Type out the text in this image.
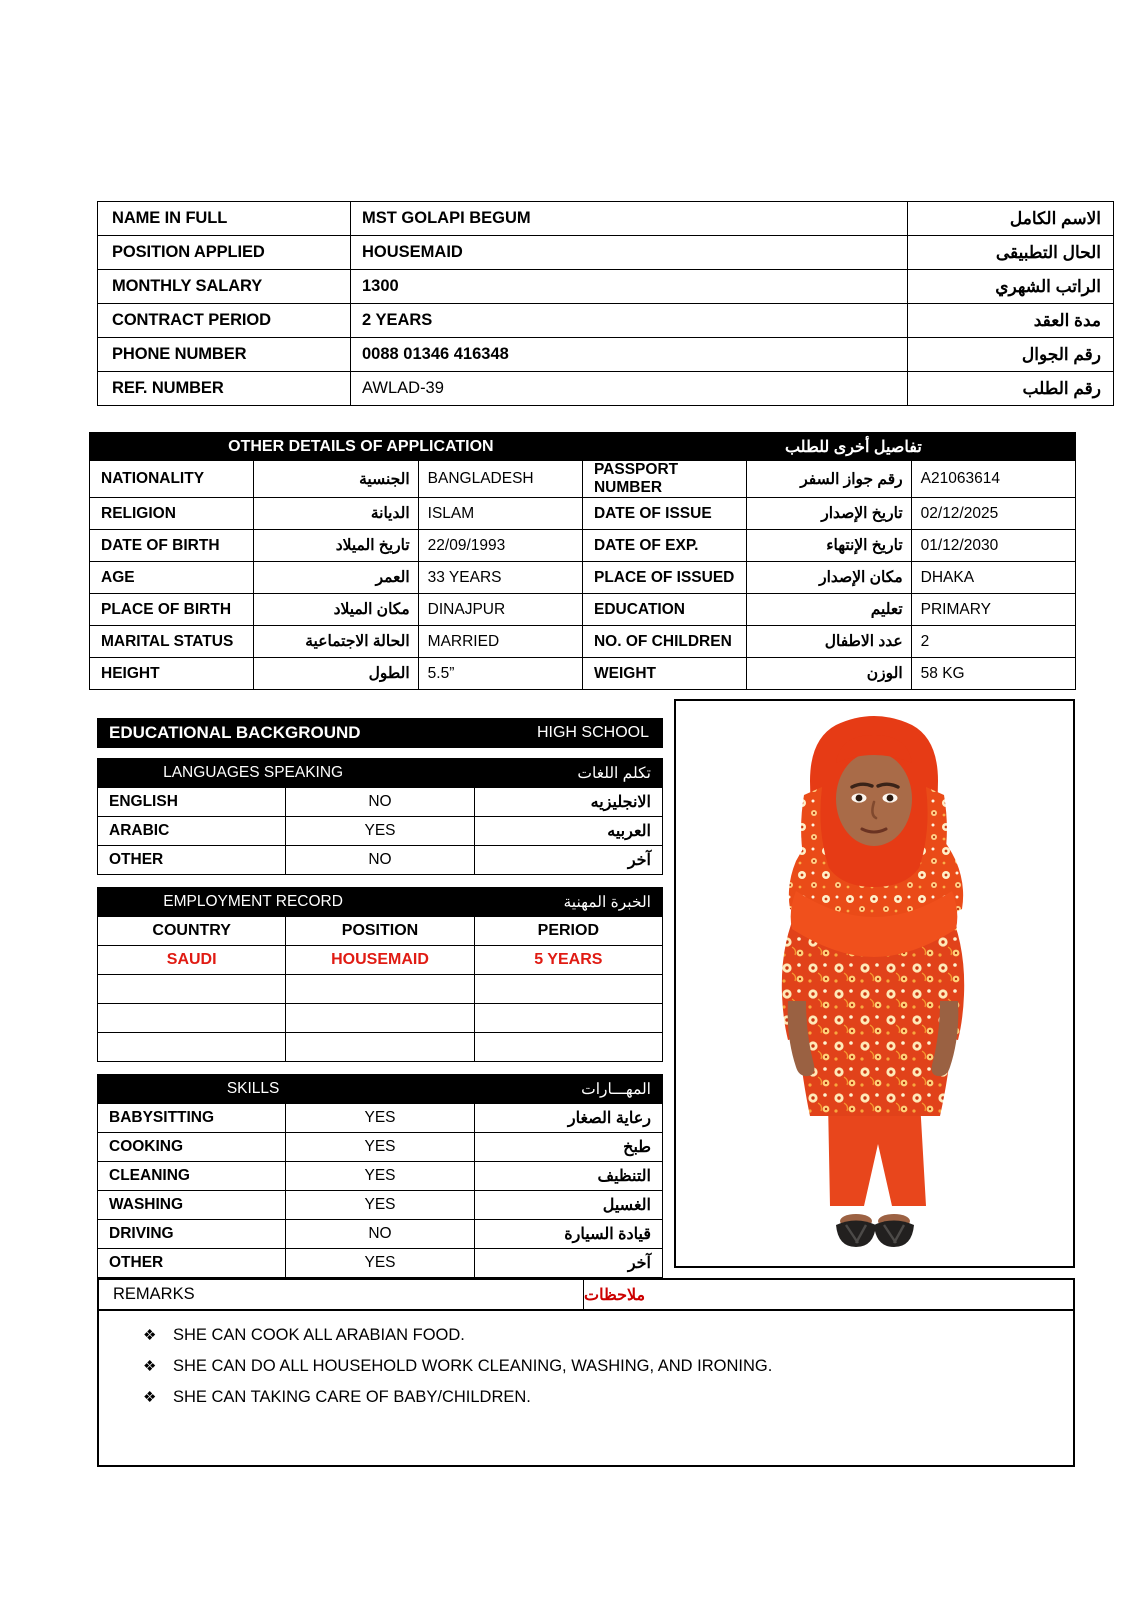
NAME IN FULL	MST GOLAPI BEGUM	الاسم الكامل
POSITION APPLIED	HOUSEMAID	الحال التطبيقى
MONTHLY SALARY	1300	الراتب الشهري
CONTRACT PERIOD	2 YEARS	مدة العقد
PHONE NUMBER	0088 01346 416348	رقم الجوال
REF. NUMBER	AWLAD-39	رقم الطلب
OTHER DETAILS OF APPLICATION تفاصيل أخرى للطلب					

NATIONALITY	الجنسية	BANGLADESH	PASSPORT NUMBER	رقم جواز السفر	A21063614
RELIGION	الديانة	ISLAM	DATE OF ISSUE	تاريخ الإصدار	02/12/2025
DATE OF BIRTH	تاريخ الميلاد	22/09/1993	DATE OF EXP.	تاريخ الإنتهاء	01/12/2030
AGE	العمر	33 YEARS	PLACE OF ISSUED	مكان الإصدار	DHAKA
PLACE OF BIRTH	مكان الميلاد	DINAJPUR	EDUCATION	تعليم	PRIMARY
MARITAL STATUS	الحالة الاجتماعية	MARRIED	NO. OF CHILDREN	عدد الاطفال	2
HEIGHT	الطول	5.5”	WEIGHT	الوزن	58 KG
EDUCATIONAL BACKGROUND	HIGH SCHOOL
LANGUAGES SPEAKING تكلم اللغات		

ENGLISH	NO	الانجليزيه
ARABIC	YES	العربيه
OTHER	NO	آخر
EMPLOYMENT RECORD الخبرة المهنية		

COUNTRY	POSITION	PERIOD
SAUDI	HOUSEMAID	5 YEARS

SKILLS المهـــارات		

BABYSITTING	YES	رعاية الصغار
COOKING	YES	طبخ
CLEANING	YES	التنظيف
WASHING	YES	الغسيل
DRIVING	NO	قيادة السيارة
OTHER	YES	آخر
REMARKS	ملاحظات
❖	SHE CAN COOK ALL ARABIAN FOOD.
❖	SHE CAN DO ALL HOUSEHOLD WORK CLEANING, WASHING, AND IRONING.
❖	SHE CAN TAKING CARE OF BABY/CHILDREN.
